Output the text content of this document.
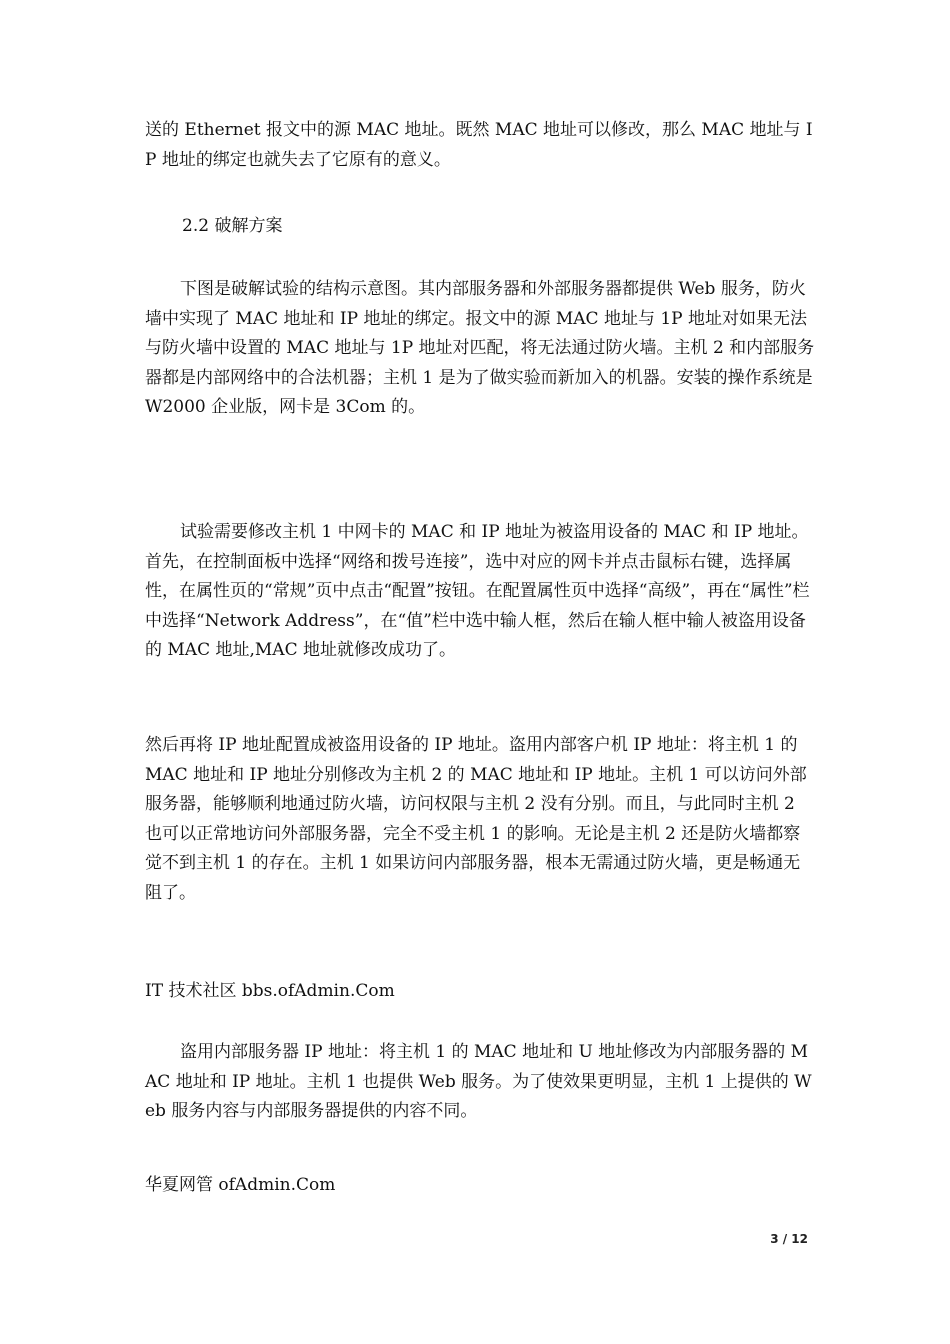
送的 Ethernet 报文中的源 MAC 地址。既然 MAC 地址可以修改，那么 MAC 地址与 IP 地址的绑定也就失去了它原有的意义。

2.2 破解方案

下图是破解试验的结构示意图。其内部服务器和外部服务器都提供 Web 服务，防火墙中实现了 MAC 地址和 IP 地址的绑定。报文中的源 MAC 地址与 1P 地址对如果无法与防火墙中设置的 MAC 地址与 1P 地址对匹配，将无法通过防火墙。主机 2 和内部服务器都是内部网络中的合法机器；主机 1 是为了做实验而新加入的机器。安装的操作系统是 W2000 企业版，网卡是 3Com 的。

试验需要修改主机 1 中网卡的 MAC 和 IP 地址为被盗用设备的 MAC 和 IP 地址。首先，在控制面板中选择“网络和拨号连接”，选中对应的网卡并点击鼠标右键，选择属性，在属性页的“常规”页中点击“配置”按钮。在配置属性页中选择“高级”，再在“属性”栏中选择“Network Address”，在“值”栏中选中输人框，然后在输人框中输人被盗用设备的 MAC 地址,MAC 地址就修改成功了。

然后再将 IP 地址配置成被盗用设备的 IP 地址。盗用内部客户机 IP 地址：将主机 1 的 MAC 地址和 IP 地址分别修改为主机 2 的 MAC 地址和 IP 地址。主机 1 可以访问外部服务器，能够顺利地通过防火墙，访问权限与主机 2 没有分别。而且，与此同时主机 2 也可以正常地访问外部服务器，完全不受主机 1 的影响。无论是主机 2 还是防火墙都察觉不到主机 1 的存在。主机 1 如果访问内部服务器，根本无需通过防火墙，更是畅通无阻了。

IT 技术社区 bbs.ofAdmin.Com

盗用内部服务器 IP 地址：将主机 1 的 MAC 地址和 U 地址修改为内部服务器的 MAC 地址和 IP 地址。主机 1 也提供 Web 服务。为了使效果更明显，主机 1 上提供的 Web 服务内容与内部服务器提供的内容不同。

华夏网管 ofAdmin.Com

3 / 12
